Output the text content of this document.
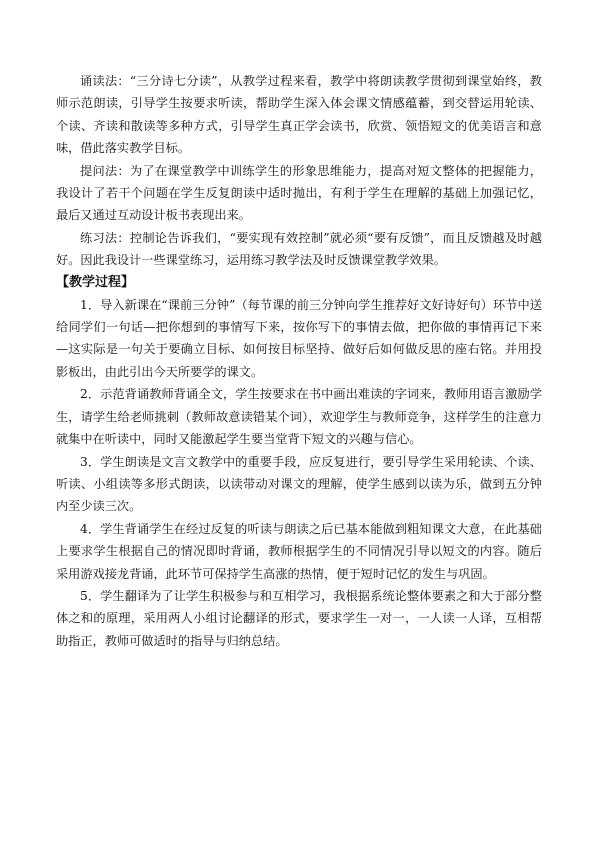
诵读法：“三分诗七分读”，从教学过程来看，教学中将朗读教学贯彻到课堂始终，教师示范朗读，引导学生按要求听读，帮助学生深入体会课文情感蕴蓄，到交替运用轮读、个读、齐读和散读等多种方式，引导学生真正学会读书，欣赏、领悟短文的优美语言和意味，借此落实教学目标。

提问法：为了在课堂教学中训练学生的形象思维能力，提高对短文整体的把握能力，我设计了若干个问题在学生反复朗读中适时抛出，有利于学生在理解的基础上加强记忆，最后又通过互动设计板书表现出来。

练习法：控制论告诉我们，“要实现有效控制”就必须“要有反馈”，而且反馈越及时越好。因此我设计一些课堂练习，运用练习教学法及时反馈课堂教学效果。

【教学过程】

1．导入新课在“课前三分钟”（每节课的前三分钟向学生推荐好文好诗好句）环节中送给同学们一句话—把你想到的事情写下来，按你写下的事情去做，把你做的事情再记下来—这实际是一句关于要确立目标、如何按目标坚持、做好后如何做反思的座右铭。并用投影板出，由此引出今天所要学的课文。

2．示范背诵教师背诵全文，学生按要求在书中画出难读的字词来，教师用语言激励学生，请学生给老师挑刺（教师故意读错某个词），欢迎学生与教师竞争，这样学生的注意力就集中在听读中，同时又能激起学生要当堂背下短文的兴趣与信心。

3．学生朗读是文言文教学中的重要手段，应反复进行，要引导学生采用轮读、个读、听读、小组读等多形式朗读，以读带动对课文的理解，使学生感到以读为乐，做到五分钟内至少读三次。

4．学生背诵学生在经过反复的听读与朗读之后已基本能做到粗知课文大意，在此基础上要求学生根据自己的情况即时背诵，教师根据学生的不同情况引导以短文的内容。随后采用游戏接龙背诵，此环节可保持学生高涨的热情，便于短时记忆的发生与巩固。

5．学生翻译为了让学生积极参与和互相学习，我根据系统论整体要素之和大于部分整体之和的原理，采用两人小组讨论翻译的形式，要求学生一对一，一人读一人译，互相帮助指正，教师可做适时的指导与归纳总结。
